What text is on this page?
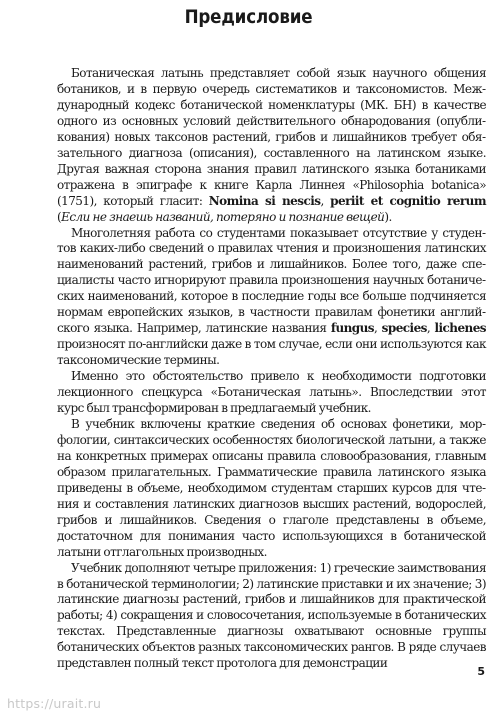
Предисловие

Ботаническая латынь представляет собой язык научного общения ботаников, и в первую очередь систематиков и таксономистов. Международный кодекс ботанической номенклатуры (МК. БН) в качестве одного из основных условий действительного обнародования (опубликования) новых таксонов растений, грибов и лишайников требует обязательного диагноза (описания), составленного на латинском языке. Другая важная сторона знания правил латинского языка ботаниками отражена в эпиграфе к книге Карла Линнея «Philosophia botanica» (1751), который гласит: Nomina si nescis, periit et cognitio rerum (Если не знаешь названий, потеряно и познание вещей).

Многолетняя работа со студентами показывает отсутствие у студентов каких-либо сведений о правилах чтения и произношения латинских наименований растений, грибов и лишайников. Более того, даже специалисты часто игнорируют правила произношения научных ботанических наименований, которое в последние годы все больше подчиняется нормам европейских языков, в частности правилам фонетики английского языка. Например, латинские названия fungus, species, lichenes произносят по-английски даже в том случае, если они используются как таксономические термины.

Именно это обстоятельство привело к необходимости подготовки лекционного спецкурса «Ботаническая латынь». Впоследствии этот курс был трансформирован в предлагаемый учебник.

В учебник включены краткие сведения об основах фонетики, морфологии, синтаксических особенностях биологической латыни, а также на конкретных примерах описаны правила словообразования, главным образом прилагательных. Грамматические правила латинского языка приведены в объеме, необходимом студентам старших курсов для чтения и составления латинских диагнозов высших растений, водорослей, грибов и лишайников. Сведения о глаголе представлены в объеме, достаточном для понимания часто использующихся в ботанической латыни отглагольных производных.

Учебник дополняют четыре приложения: 1) греческие заимствования в ботанической терминологии; 2) латинские приставки и их значение; 3) латинские диагнозы растений, грибов и лишайников для практической работы; 4) сокращения и словосочетания, используемые в ботанических текстах. Представленные диагнозы охватывают основные группы ботанических объектов разных таксономических рангов. В ряде случаев представлен полный текст протолога для демонстрации

5
https://urait.ru
